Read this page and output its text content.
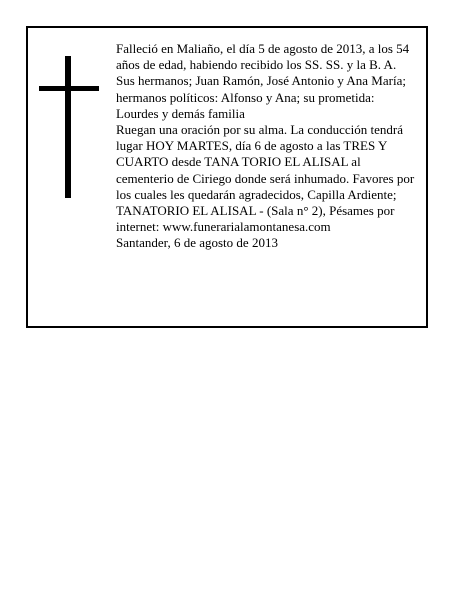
Falleció en Maliaño, el día 5 de agosto de 2013, a los 54 años de edad, habiendo recibido los SS. SS. y la B. A.

Sus hermanos; Juan Ramón, José Antonio y Ana María; hermanos políticos: Alfonso y Ana; su prometida: Lourdes y demás familia

Ruegan una oración por su alma. La conducción tendrá lugar HOY MARTES, día 6 de agosto a las TRES Y CUARTO desde TANA TORIO EL ALISAL al cementerio de Ciriego donde será inhumado. Favores por los cuales les quedarán agradecidos, Capilla Ardiente; TANATORIO EL ALISAL - (Sala n° 2), Pésames por internet: www.funerarialamontanesa.com

Santander, 6 de agosto de 2013
